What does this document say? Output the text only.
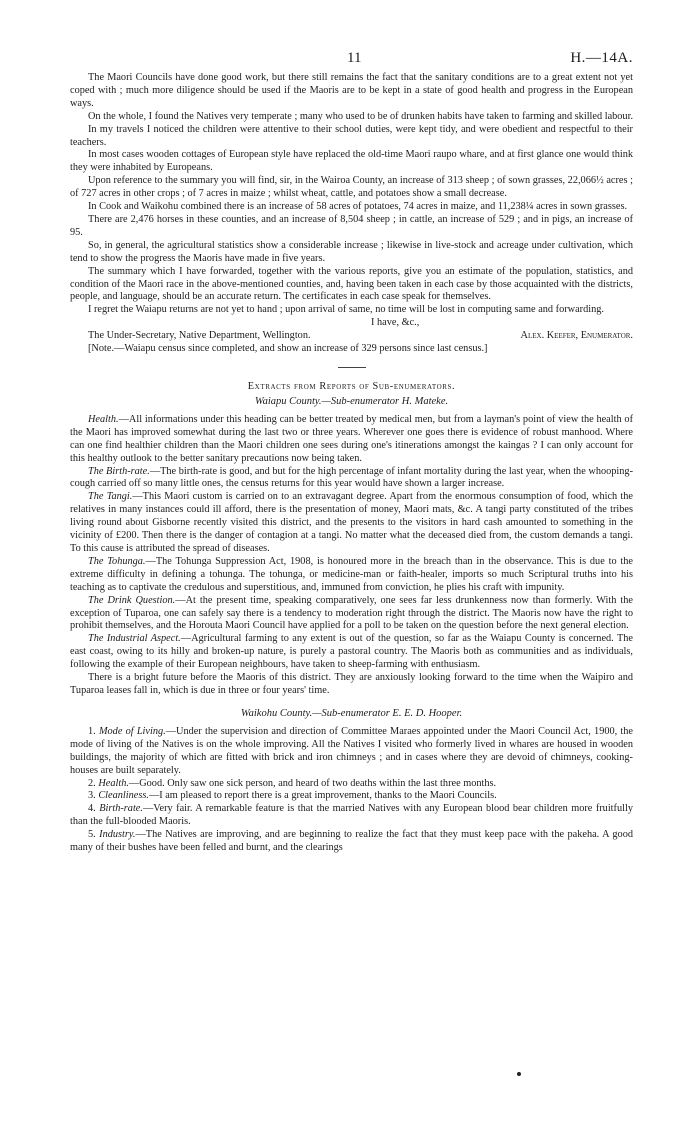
11	H.—14A.

The Maori Councils have done good work, but there still remains the fact that the sanitary conditions are to a great extent not yet coped with ; much more diligence should be used if the Maoris are to be kept in a state of good health and progress in the European ways.

On the whole, I found the Natives very temperate ; many who used to be of drunken habits have taken to farming and skilled labour.

In my travels I noticed the children were attentive to their school duties, were kept tidy, and were obedient and respectful to their teachers.

In most cases wooden cottages of European style have replaced the old-time Maori raupo whare, and at first glance one would think they were inhabited by Europeans.

Upon reference to the summary you will find, sir, in the Wairoa County, an increase of 313 sheep ; of sown grasses, 22,066½ acres ; of 727 acres in other crops ; of 7 acres in maize ; whilst wheat, cattle, and potatoes show a small decrease.

In Cook and Waikohu combined there is an increase of 58 acres of potatoes, 74 acres in maize, and 11,238¼ acres in sown grasses.

There are 2,476 horses in these counties, and an increase of 8,504 sheep ; in cattle, an increase of 529 ; and in pigs, an increase of 95.

So, in general, the agricultural statistics show a considerable increase ; likewise in live-stock and acreage under cultivation, which tend to show the progress the Maoris have made in five years.

The summary which I have forwarded, together with the various reports, give you an estimate of the population, statistics, and condition of the Maori race in the above-mentioned counties, and, having been taken in each case by those acquainted with the districts, people, and language, should be an accurate return. The certificates in each case speak for themselves.

I regret the Waiapu returns are not yet to hand ; upon arrival of same, no time will be lost in computing same and forwarding.

I have, &c.,
The Under-Secretary, Native Department, Wellington.	Alex. Keefer, Enumerator.

[Note.—Waiapu census since completed, and show an increase of 329 persons since last census.]

Extracts from Reports of Sub-enumerators.

Waiapu County.—Sub-enumerator H. Mateke.

Health.—All informations under this heading can be better treated by medical men, but from a layman's point of view the health of the Maori has improved somewhat during the last two or three years. Wherever one goes there is evidence of robust manhood. Where can one find healthier children than the Maori children one sees during one's itinerations amongst the kaingas ? I can only account for this healthy outlook to the better sanitary precautions now being taken.

The Birth-rate.—The birth-rate is good, and but for the high percentage of infant mortality during the last year, when the whooping-cough carried off so many little ones, the census returns for this year would have shown a larger increase.

The Tangi.—This Maori custom is carried on to an extravagant degree. Apart from the enormous consumption of food, which the relatives in many instances could ill afford, there is the presentation of money, Maori mats, &c. A tangi party constituted of the tribes living round about Gisborne recently visited this district, and the presents to the visitors in hard cash amounted to something in the vicinity of £200. Then there is the danger of contagion at a tangi. No matter what the deceased died from, the custom demands a tangi. To this cause is attributed the spread of diseases.

The Tohunga.—The Tohunga Suppression Act, 1908, is honoured more in the breach than in the observance. This is due to the extreme difficulty in defining a tohunga. The tohunga, or medicine-man or faith-healer, imports so much Scriptural truths into his teaching as to captivate the credulous and superstitious, and, immuned from conviction, he plies his craft with impunity.

The Drink Question.—At the present time, speaking comparatively, one sees far less drunkenness now than formerly. With the exception of Tuparoa, one can safely say there is a tendency to moderation right through the district. The Maoris now have the right to prohibit themselves, and the Horouta Maori Council have applied for a poll to be taken on the question before the next general election.

The Industrial Aspect.—Agricultural farming to any extent is out of the question, so far as the Waiapu County is concerned. The east coast, owing to its hilly and broken-up nature, is purely a pastoral country. The Maoris both as communities and as individuals, following the example of their European neighbours, have taken to sheep-farming with enthusiasm.

There is a bright future before the Maoris of this district. They are anxiously looking forward to the time when the Waipiro and Tuparoa leases fall in, which is due in three or four years' time.

Waikohu County.—Sub-enumerator E. E. D. Hooper.

1. Mode of Living.—Under the supervision and direction of Committee Maraes appointed under the Maori Council Act, 1900, the mode of living of the Natives is on the whole improving. All the Natives I visited who formerly lived in whares are housed in wooden buildings, the majority of which are fitted with brick and iron chimneys ; and in cases where they are devoid of chimneys, cooking-houses are built separately.

2. Health.—Good. Only saw one sick person, and heard of two deaths within the last three months.

3. Cleanliness.—I am pleased to report there is a great improvement, thanks to the Maori Councils.

4. Birth-rate.—Very fair. A remarkable feature is that the married Natives with any European blood bear children more fruitfully than the full-blooded Maoris.

5. Industry.—The Natives are improving, and are beginning to realize the fact that they must keep pace with the pakeha. A good many of their bushes have been felled and burnt, and the clearings
